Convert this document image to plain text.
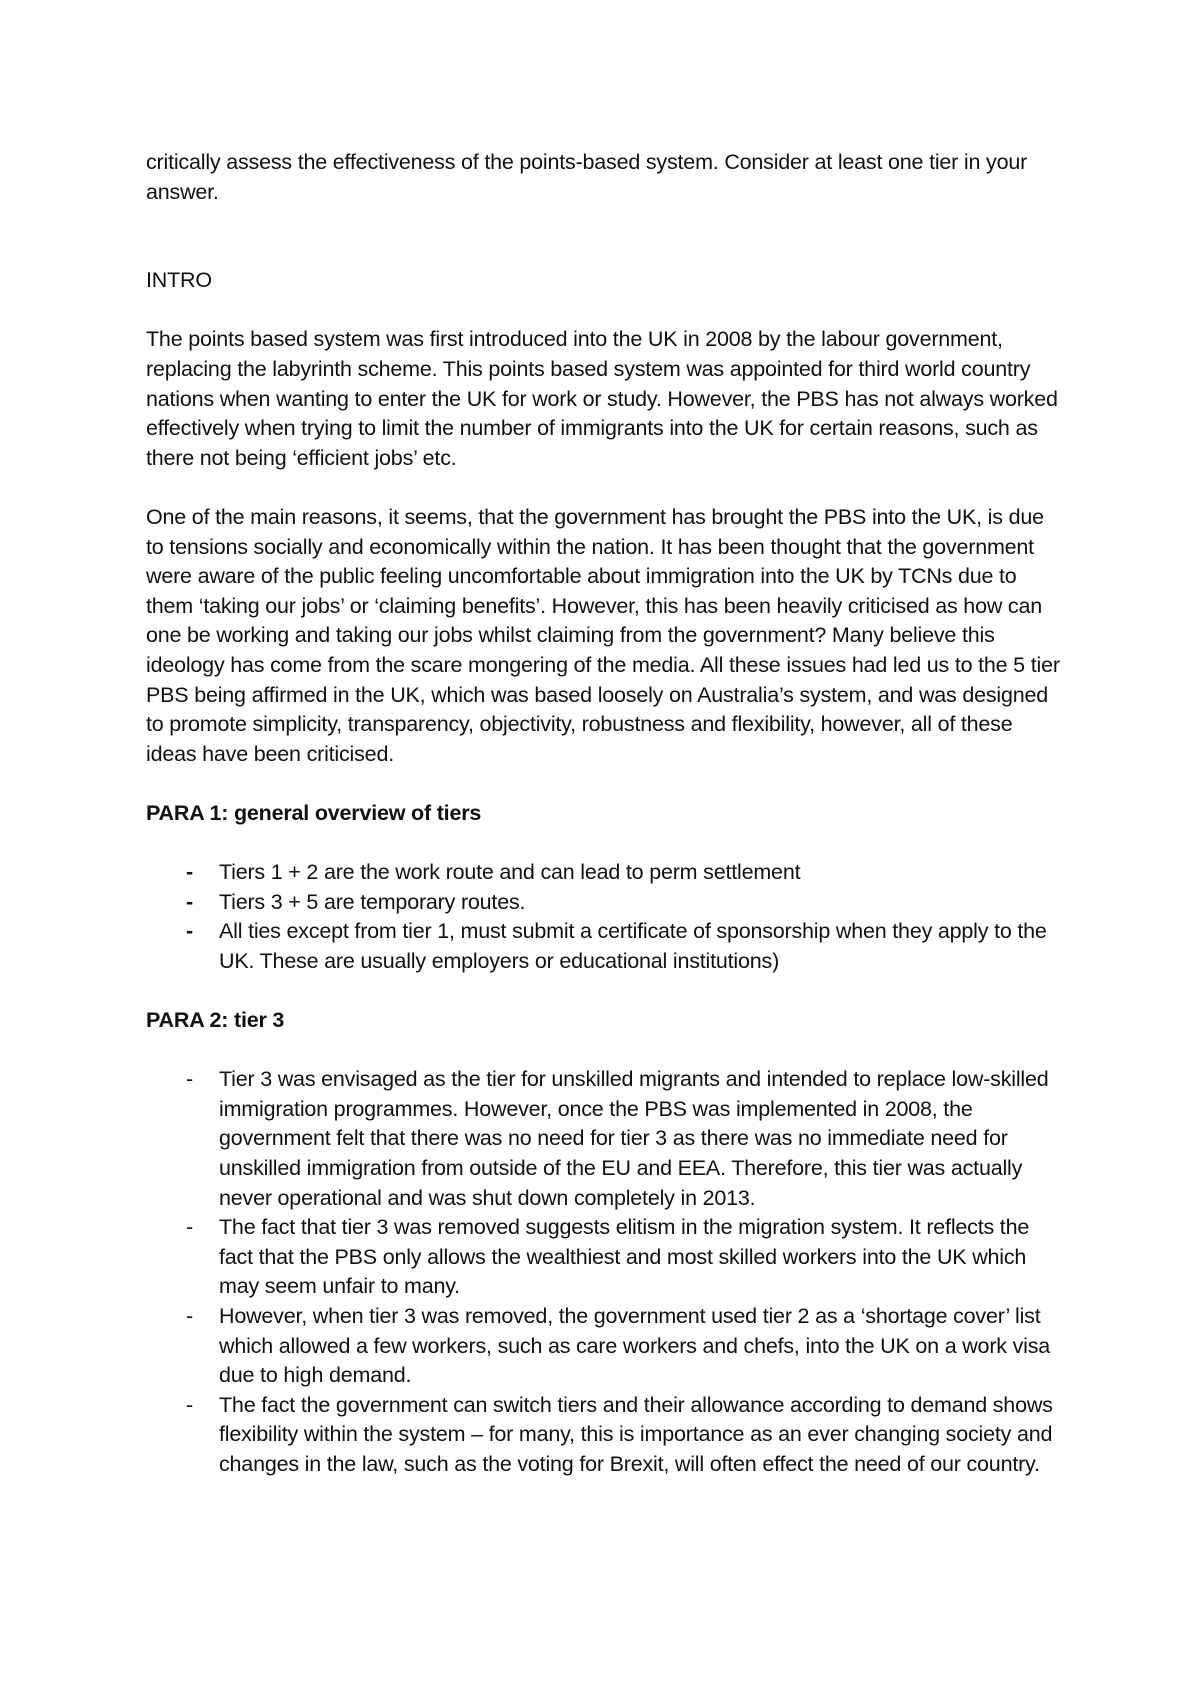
critically assess the effectiveness of the points-based system. Consider at least one tier in your answer.

INTRO

The points based system was first introduced into the UK in 2008 by the labour government, replacing the labyrinth scheme. This points based system was appointed for third world country nations when wanting to enter the UK for work or study. However, the PBS has not always worked effectively when trying to limit the number of immigrants into the UK for certain reasons, such as there not being ‘efficient jobs’ etc.

One of the main reasons, it seems, that the government has brought the PBS into the UK, is due to tensions socially and economically within the nation. It has been thought that the government were aware of the public feeling uncomfortable about immigration into the UK by TCNs due to them ‘taking our jobs’ or ‘claiming benefits’. However, this has been heavily criticised as how can one be working and taking our jobs whilst claiming from the government? Many believe this ideology has come from the scare mongering of the media. All these issues had led us to the 5 tier PBS being affirmed in the UK, which was based loosely on Australia’s system, and was designed to promote simplicity, transparency, objectivity, robustness and flexibility, however, all of these ideas have been criticised.

PARA 1: general overview of tiers

-	Tiers 1 + 2 are the work route and can lead to perm settlement
-	Tiers 3 + 5 are temporary routes.
-	All ties except from tier 1, must submit a certificate of sponsorship when they apply to the UK. These are usually employers or educational institutions)

PARA 2: tier 3

-	Tier 3 was envisaged as the tier for unskilled migrants and intended to replace low-skilled immigration programmes. However, once the PBS was implemented in 2008, the government felt that there was no need for tier 3 as there was no immediate need for unskilled immigration from outside of the EU and EEA. Therefore, this tier was actually never operational and was shut down completely in 2013.
-	The fact that tier 3 was removed suggests elitism in the migration system. It reflects the fact that the PBS only allows the wealthiest and most skilled workers into the UK which may seem unfair to many.
-	However, when tier 3 was removed, the government used tier 2 as a ‘shortage cover’ list which allowed a few workers, such as care workers and chefs, into the UK on a work visa due to high demand.
-	The fact the government can switch tiers and their allowance according to demand shows flexibility within the system – for many, this is importance as an ever changing society and changes in the law, such as the voting for Brexit, will often effect the need of our country.
